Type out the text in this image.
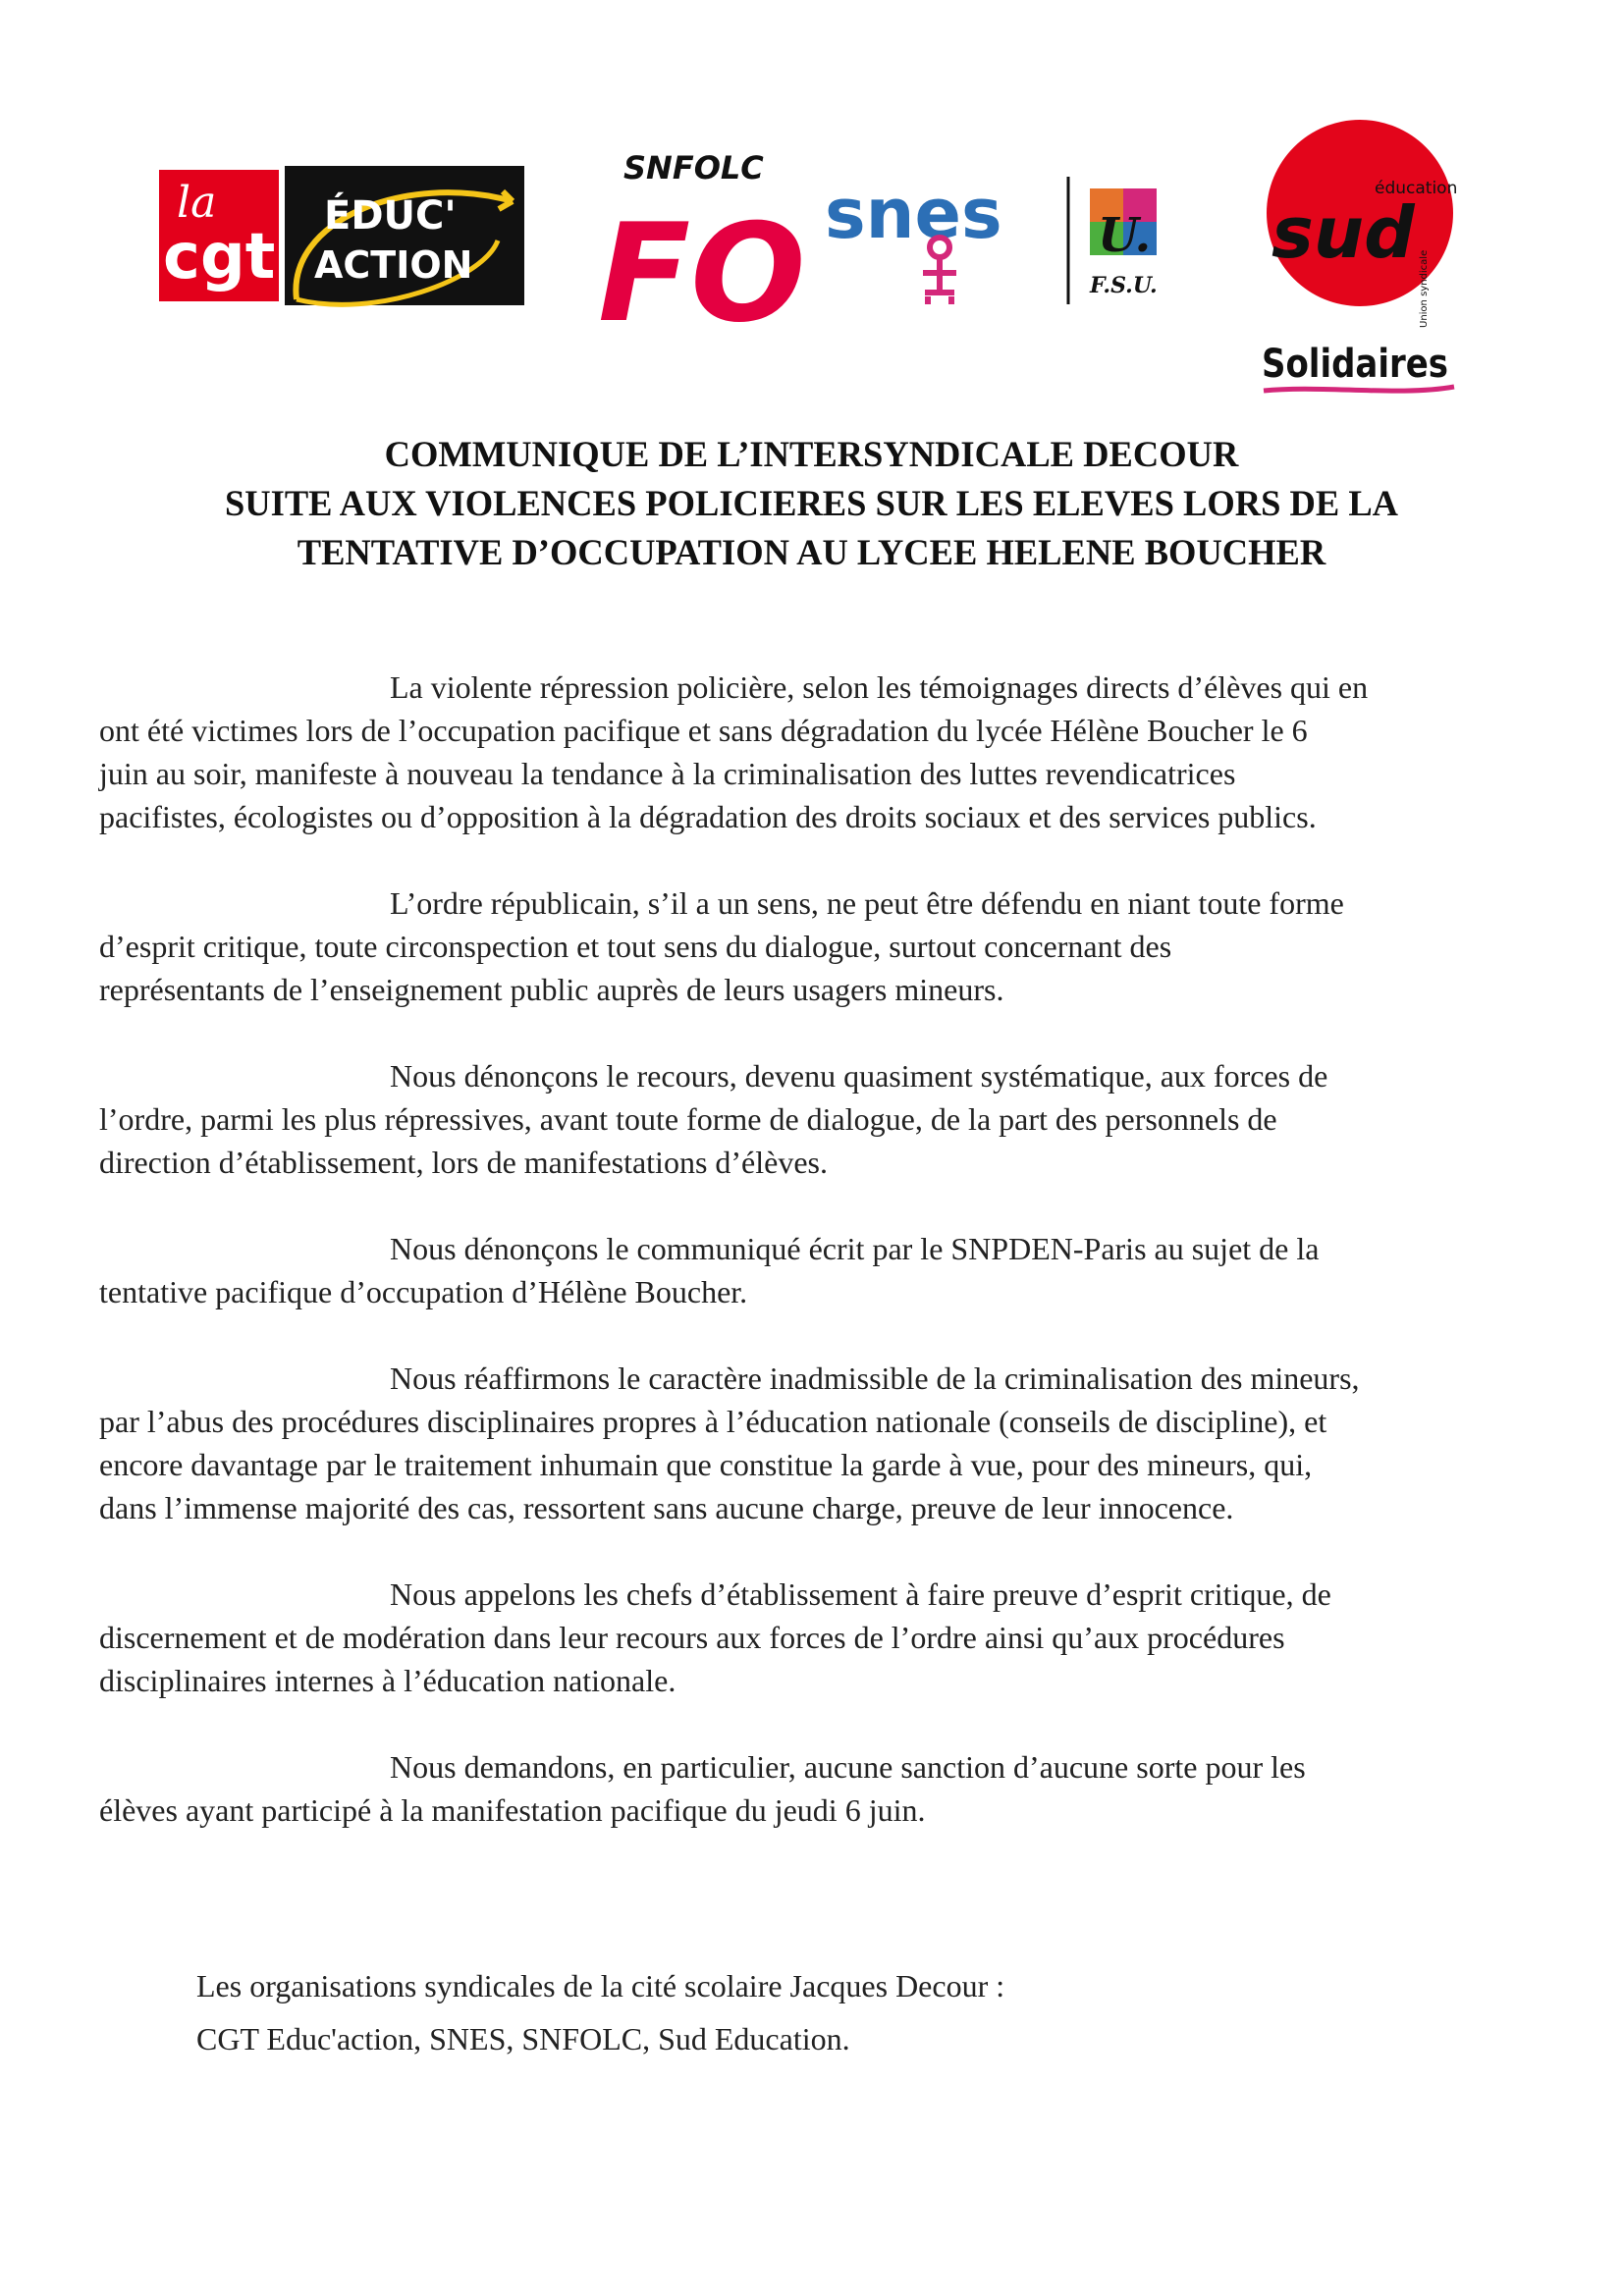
la
cgt
ÉDUC'
ACTION
SNFOLC
FO snes U.
F.S.U.
éducation
sud
Union syndicale
Solidaires
COMMUNIQUE DE L’INTERSYNDICALE DECOUR
SUITE AUX VIOLENCES POLICIERES SUR LES ELEVES LORS DE LA
TENTATIVE D’OCCUPATION AU LYCEE HELENE BOUCHER

La violente répression policière, selon les témoignages directs d’élèves qui en
ont été victimes lors de l’occupation pacifique et sans dégradation du lycée Hélène Boucher le 6
juin au soir, manifeste à nouveau la tendance à la criminalisation des luttes revendicatrices
pacifistes, écologistes ou d’opposition à la dégradation des droits sociaux et des services publics.

L’ordre républicain, s’il a un sens, ne peut être défendu en niant toute forme
d’esprit critique, toute circonspection et tout sens du dialogue, surtout concernant des
représentants de l’enseignement public auprès de leurs usagers mineurs.

Nous dénonçons le recours, devenu quasiment systématique, aux forces de
l’ordre, parmi les plus répressives, avant toute forme de dialogue, de la part des personnels de
direction d’établissement, lors de manifestations d’élèves.

Nous dénonçons le communiqué écrit par le SNPDEN-Paris au sujet de la
tentative pacifique d’occupation d’Hélène Boucher.

Nous réaffirmons le caractère inadmissible de la criminalisation des mineurs,
par l’abus des procédures disciplinaires propres à l’éducation nationale (conseils de discipline), et
encore davantage par le traitement inhumain que constitue la garde à vue, pour des mineurs, qui,
dans l’immense majorité des cas, ressortent sans aucune charge, preuve de leur innocence.

Nous appelons les chefs d’établissement à faire preuve d’esprit critique, de
discernement et de modération dans leur recours aux forces de l’ordre ainsi qu’aux procédures
disciplinaires internes à l’éducation nationale.

Nous demandons, en particulier, aucune sanction d’aucune sorte pour les
élèves ayant participé à la manifestation pacifique du jeudi 6 juin.

Les organisations syndicales de la cité scolaire Jacques Decour :
CGT Educ'action, SNES, SNFOLC, Sud Education.
